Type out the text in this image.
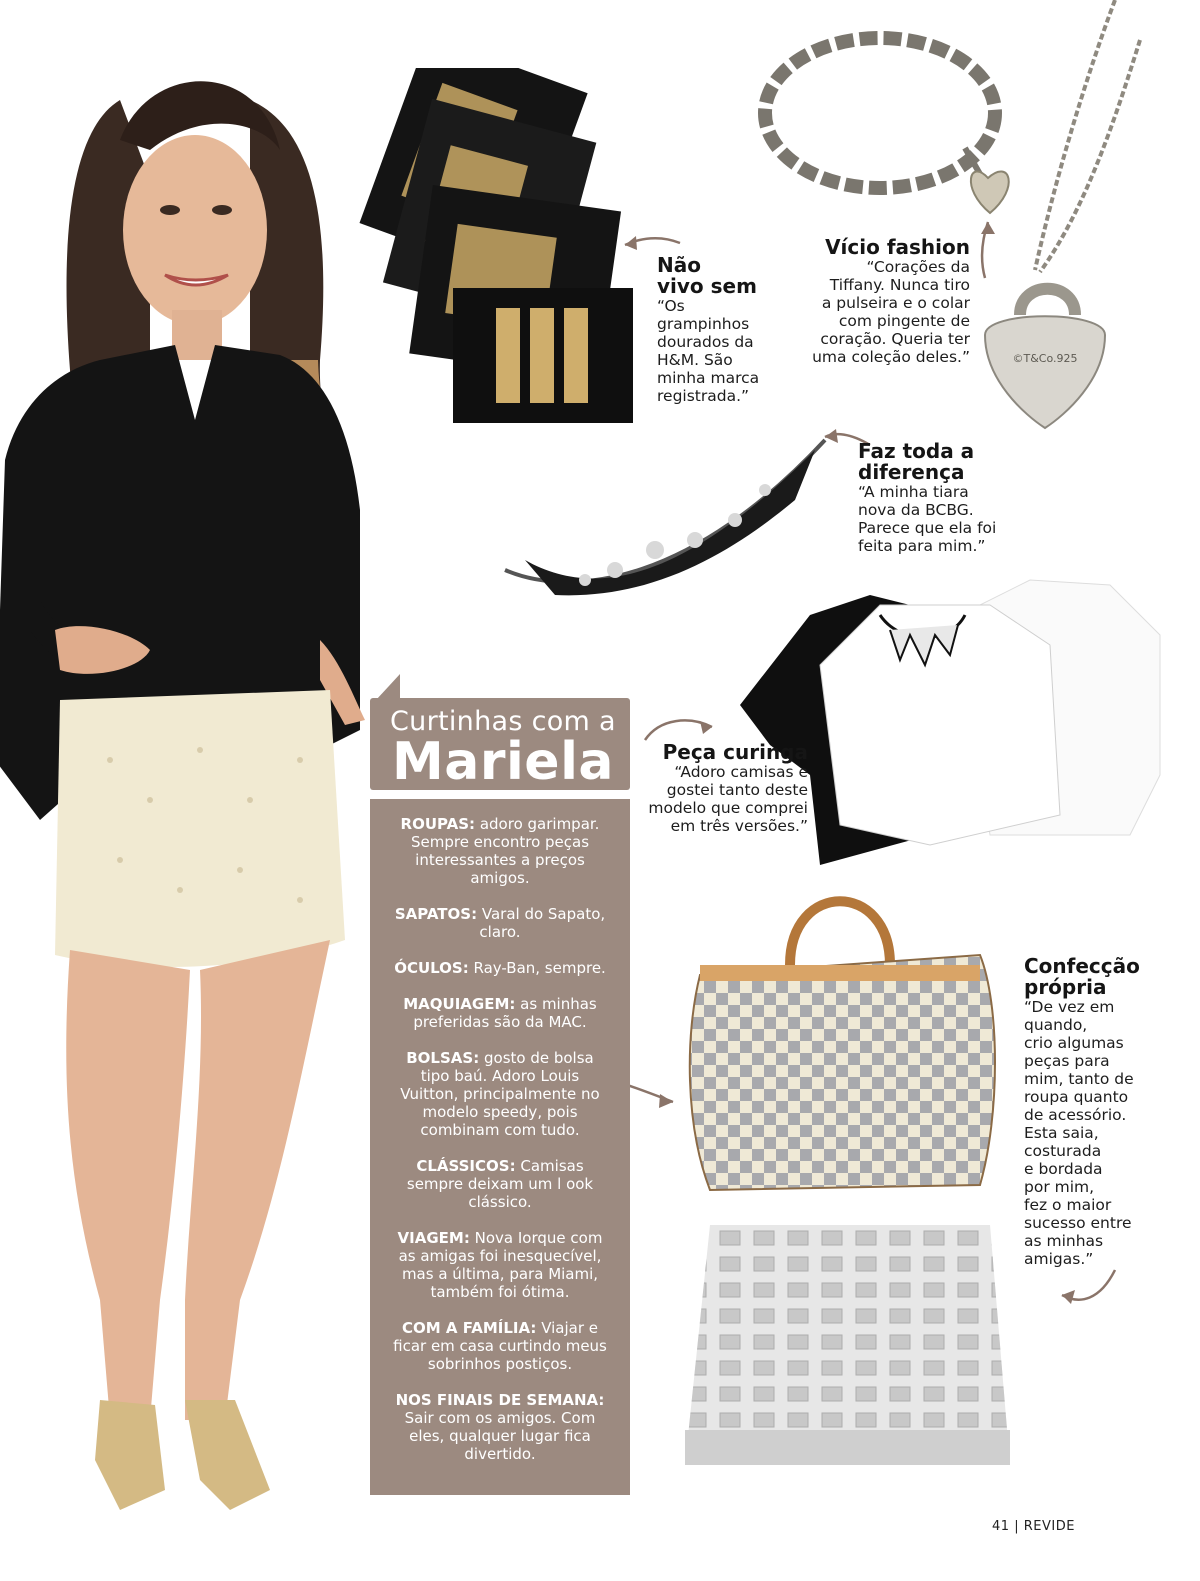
©T&Co.925

Não

vivo sem

“Os

grampinhos

dourados da

H&M. São

minha marca

registrada.”

Vício fashion

“Corações da

Tiffany. Nunca tiro

a pulseira e o colar

com pingente de

coração. Queria ter

uma coleção deles.”

Faz toda a

diferença

“A minha tiara

nova da BCBG.

Parece que ela foi

feita para mim.”

Peça curinga

“Adoro camisas e

gostei tanto deste

modelo que comprei

em três versões.”

Confecção

própria

“De vez em

quando,

crio algumas

peças para

mim, tanto de

roupa quanto

de acessório.

Esta saia,

costurada

e bordada

por mim,

fez o maior

sucesso entre

as minhas

amigas.”

Curtinhas com a
Mariela

ROUPAS: adoro garimpar. Sempre encontro peças interessantes a preços amigos.

SAPATOS: Varal do Sapato, claro.

ÓCULOS: Ray-Ban, sempre.

MAQUIAGEM: as minhas preferidas são da MAC.

BOLSAS: gosto de bolsa tipo baú. Adoro Louis Vuitton, principalmente no modelo speedy, pois combinam com tudo.

CLÁSSICOS: Camisas sempre deixam um l ook clássico.

VIAGEM: Nova Iorque com as amigas foi inesquecível, mas a última, para Miami, também foi ótima.

COM A FAMÍLIA: Viajar e ficar em casa curtindo meus sobrinhos postiços.

NOS FINAIS DE SEMANA: Sair com os amigos. Com eles, qualquer lugar fica divertido.

41 | REVIDE
